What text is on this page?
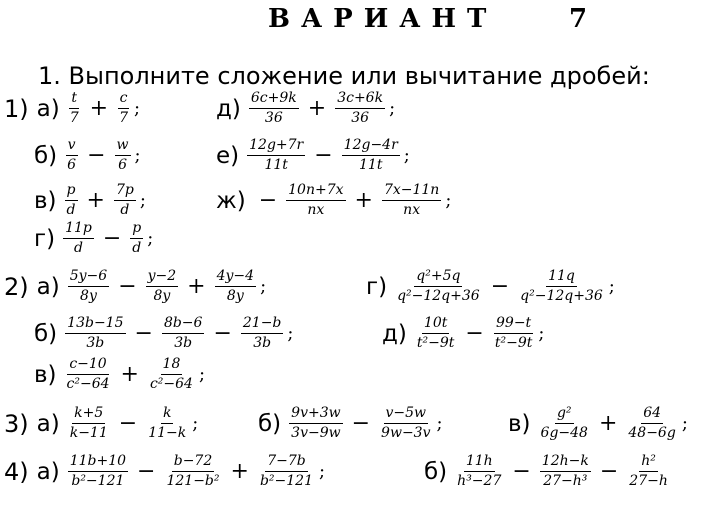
ВАРИАНТ	7
1. Выполните сложение или вычитание дробей:
1) $а) \frac{t}{7} + \frac{c}{7}$ ;	$д) \frac{6c+9k}{36} + \frac{3c+6k}{36}$ ;
$б) \frac{v}{6} - \frac{w}{6}$ ;	$е) \frac{12g+7r}{11t} - \frac{12g-4r}{11t}$ ;
$в) \frac{p}{d} + \frac{7p}{d}$ ;	$ж) - \frac{10n+7x}{nx} + \frac{7x-11n}{nx}$ ;
$г) \frac{11p}{d} - \frac{p}{d}$ ;
2) $а) \frac{5y-6}{8y} - \frac{y-2}{8y} + \frac{4y-4}{8y}$ ;	$г) \frac{\text{q²+5q}}{\text{q²−12q+36}} - \frac{11q}{\text{q²−12q+36}}$ ;
$б) \frac{13b-15}{3b} - \frac{8b-6}{3b} - \frac{21-b}{3b}$ ;	$д) \frac{10t}{\text{t²−9t}} - \frac{99-t}{\text{t²−9t}}$ ;
$в) \frac{c-10}{\text{c²−64}} + \frac{18}{\text{c²−64}}$ ;
3) $а) \frac{k+5}{k-11} - \frac{k}{11-k}$ ;	$б) \frac{9v+3w}{3v-9w} - \frac{v-5w}{9w-3v}$ ;	$в) \frac{\text{g²}}{6g-48} + \frac{64}{48-6g}$ ;
4) $а) \frac{11b+10}{\text{b²−121}} - \frac{b-72}{\text{121−b²}} + \frac{7-7b}{\text{b²−121}}$ ;	$б) \frac{11h}{\text{h³−27}} - \frac{12h-k}{\text{27−h³}} - \frac{\text{h²}}{27-h}$
